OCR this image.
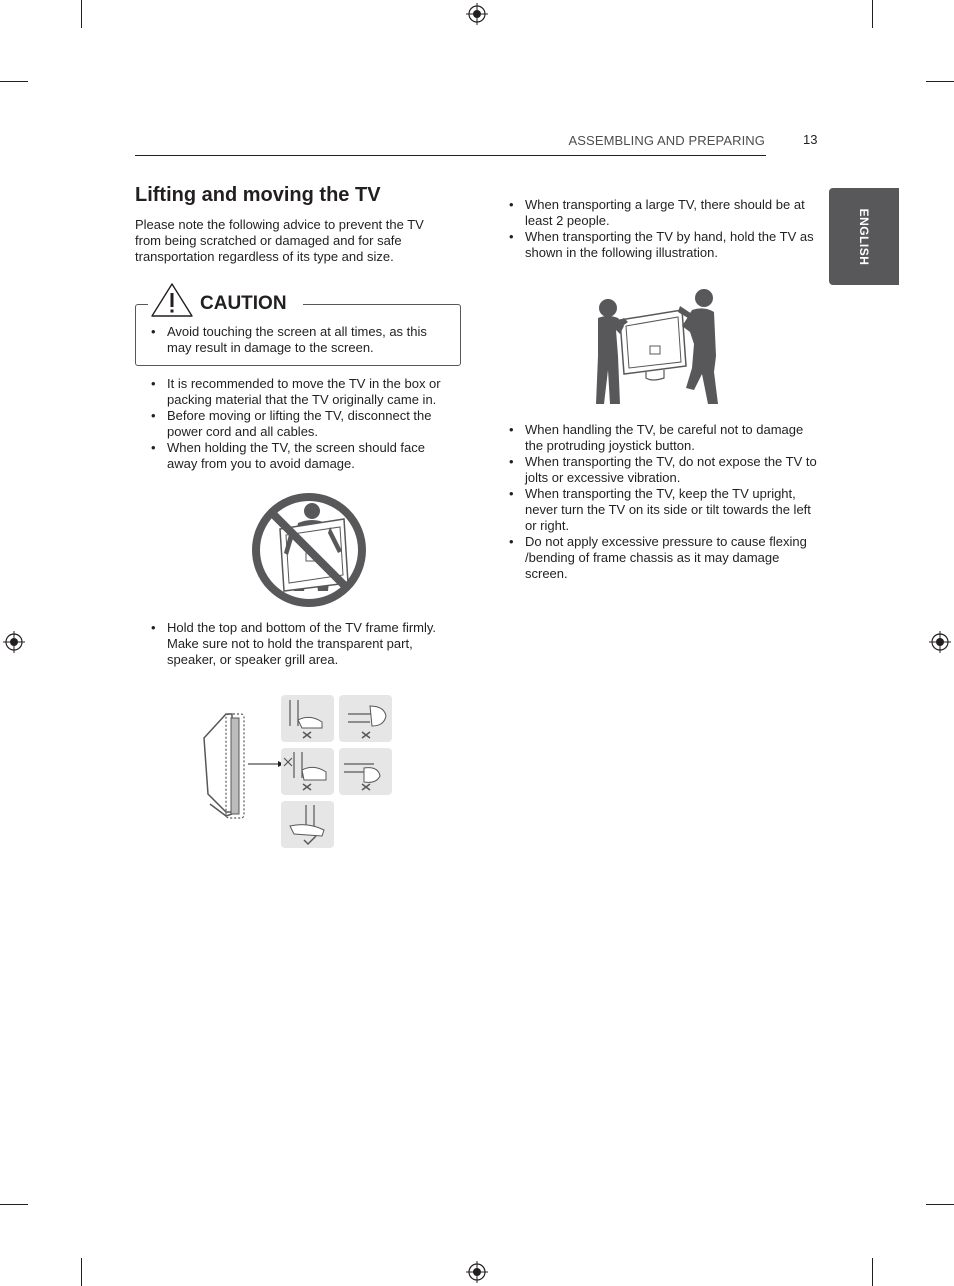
ASSEMBLING AND PREPARING	13
ENGLISH
Lifting and moving the TV

Please note the following advice to prevent the TV from being scratched or damaged and for safe transportation regardless of its type and size.

CAUTION
• Avoid touching the screen at all times, as this may result in damage to the screen.
• It is recommended to move the TV in the box or packing material that the TV originally came in.
• Before moving or lifting the TV, disconnect the power cord and all cables.
• When holding the TV, the screen should face away from you to avoid damage.
• Hold the top and bottom of the TV frame firmly. Make sure not to hold the transparent part, speaker, or speaker grill area.
• When transporting a large TV, there should be at least 2 people.
• When transporting the TV by hand, hold the TV as shown in the following illustration.
• When handling the TV, be careful not to damage the protruding joystick button.
• When transporting the TV, do not expose the TV to jolts or excessive vibration.
• When transporting the TV, keep the TV upright, never turn the TV on its side or tilt towards the left or right.
• Do not apply excessive pressure to cause flexing /bending of frame chassis as it may damage screen.
